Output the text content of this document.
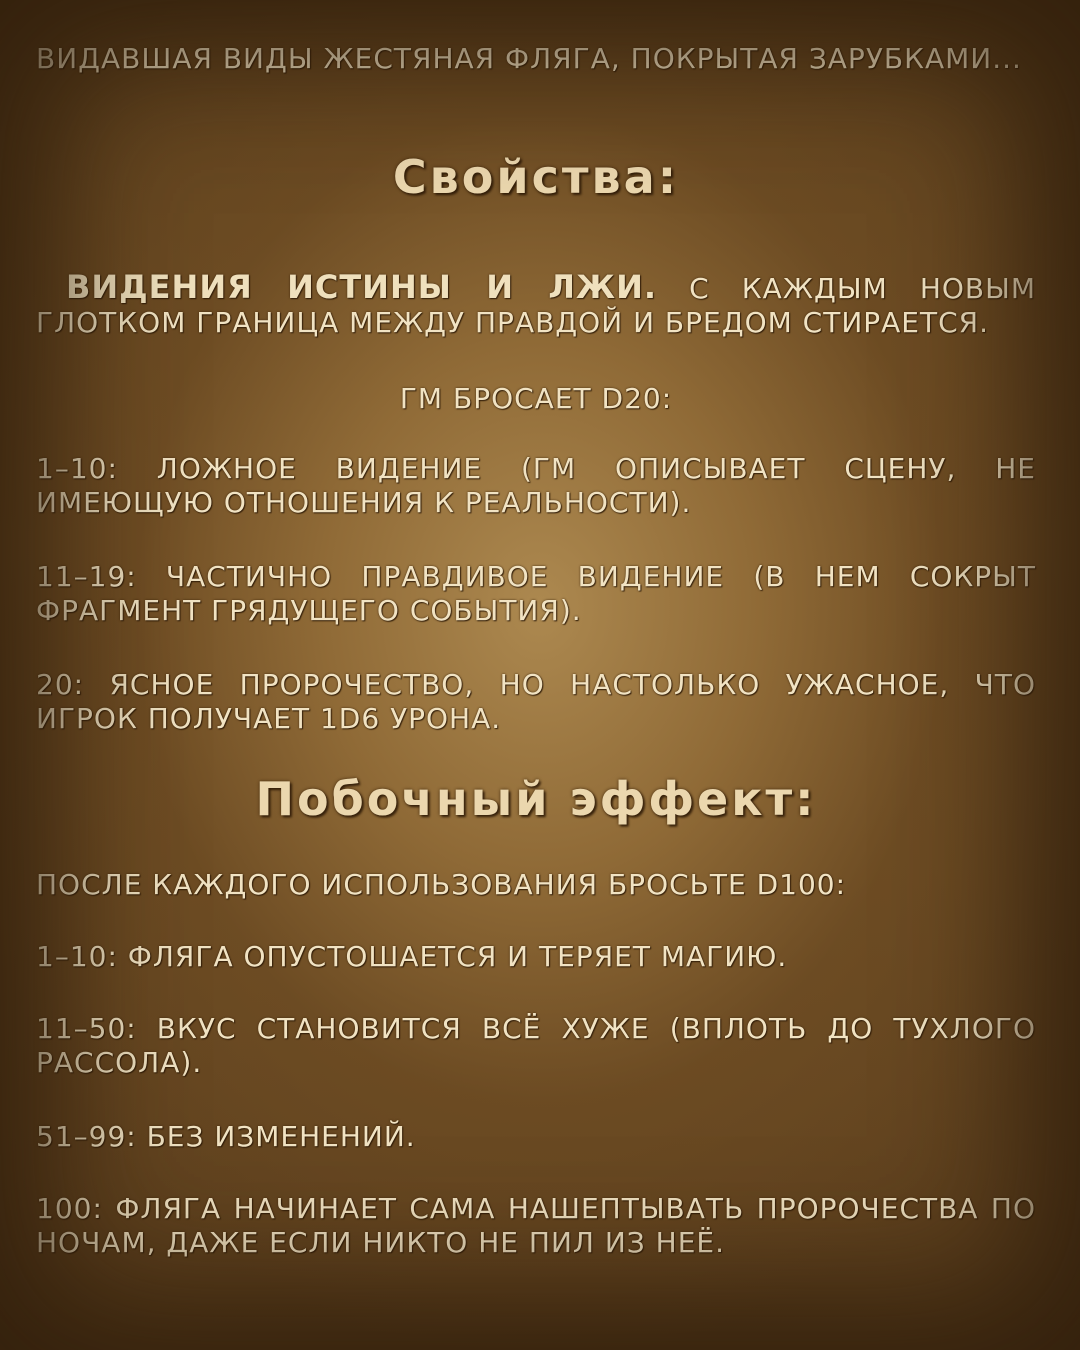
ВИДАВШАЯ ВИДЫ ЖЕСТЯНАЯ ФЛЯГА, ПОКРЫТАЯ ЗАРУБКАМИ...
Свойства:
ВИДЕНИЯ ИСТИНЫ И ЛЖИ. С КАЖДЫМ НОВЫМ ГЛОТКОМ ГРАНИЦА МЕЖДУ ПРАВДОЙ И БРЕДОМ СТИРАЕТСЯ.
ГМ БРОСАЕТ D20:
1–10: ЛОЖНОЕ ВИДЕНИЕ (ГМ ОПИСЫВАЕТ СЦЕНУ, НЕ ИМЕЮЩУЮ ОТНОШЕНИЯ К РЕАЛЬНОСТИ).
11–19: ЧАСТИЧНО ПРАВДИВОЕ ВИДЕНИЕ (В НЕМ СОКРЫТ ФРАГМЕНТ ГРЯДУЩЕГО СОБЫТИЯ).
20: ЯСНОЕ ПРОРОЧЕСТВО, НО НАСТОЛЬКО УЖАСНОЕ, ЧТО ИГРОК ПОЛУЧАЕТ 1D6 УРОНА.
Побочный эффект:
ПОСЛЕ КАЖДОГО ИСПОЛЬЗОВАНИЯ БРОСЬТЕ D100:
1–10: ФЛЯГА ОПУСТОШАЕТСЯ И ТЕРЯЕТ МАГИЮ.
11–50: ВКУС СТАНОВИТСЯ ВСЁ ХУЖЕ (ВПЛОТЬ ДО ТУХЛОГО РАССОЛА).
51–99: БЕЗ ИЗМЕНЕНИЙ.
100: ФЛЯГА НАЧИНАЕТ САМА НАШЕПТЫВАТЬ ПРОРОЧЕСТВА ПО НОЧАМ, ДАЖЕ ЕСЛИ НИКТО НЕ ПИЛ ИЗ НЕЁ.
